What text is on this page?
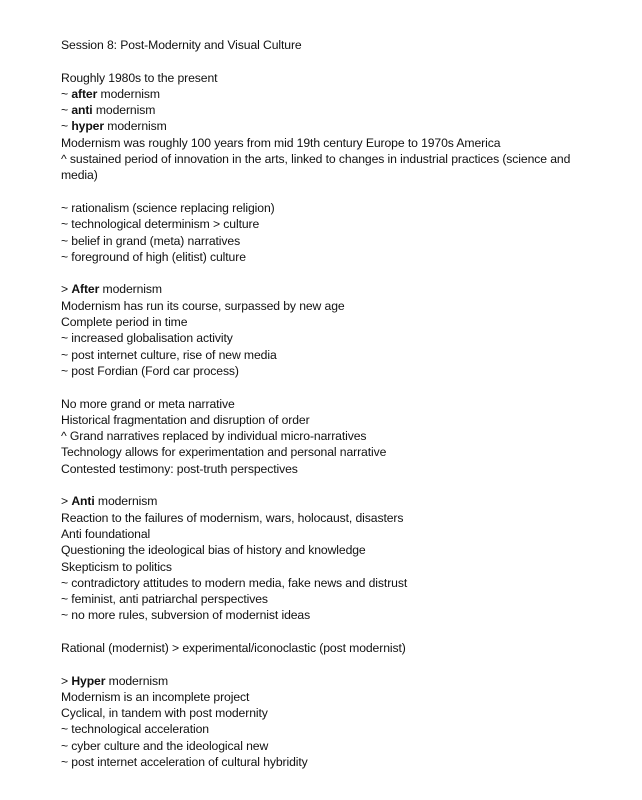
Session 8: Post-Modernity and Visual Culture
Roughly 1980s to the present
~ after modernism
~ anti modernism
~ hyper modernism
Modernism was roughly 100 years from mid 19th century Europe to 1970s America
^ sustained period of innovation in the arts, linked to changes in industrial practices (science and media)
~ rationalism (science replacing religion)
~ technological determinism > culture
~ belief in grand (meta) narratives
~ foreground of high (elitist) culture
> After modernism
Modernism has run its course, surpassed by new age
Complete period in time
~ increased globalisation activity
~ post internet culture, rise of new media
~ post Fordian (Ford car process)
No more grand or meta narrative
Historical fragmentation and disruption of order
^ Grand narratives replaced by individual micro-narratives
Technology allows for experimentation and personal narrative
Contested testimony: post-truth perspectives
> Anti modernism
Reaction to the failures of modernism, wars, holocaust, disasters
Anti foundational
Questioning the ideological bias of history and knowledge
Skepticism to politics
~ contradictory attitudes to modern media, fake news and distrust
~ feminist, anti patriarchal perspectives
~ no more rules, subversion of modernist ideas
Rational (modernist) > experimental/iconoclastic (post modernist)
> Hyper modernism
Modernism is an incomplete project
Cyclical, in tandem with post modernity
~ technological acceleration
~ cyber culture and the ideological new
~ post internet acceleration of cultural hybridity
